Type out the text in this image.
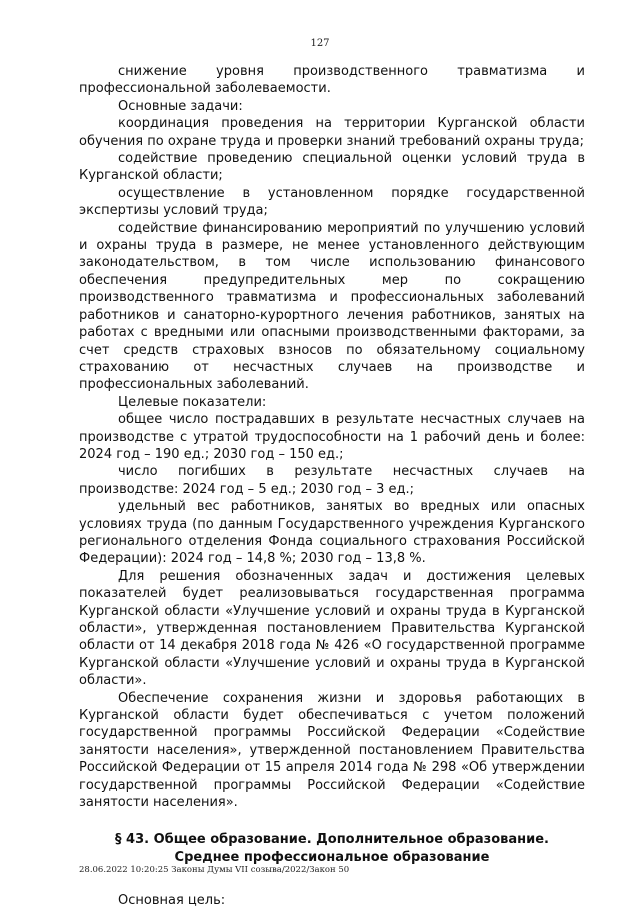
127

снижение уровня производственного травматизма и профессиональной заболеваемости.

Основные задачи:

координация проведения на территории Курганской области обучения по охране труда и проверки знаний требований охраны труда;

содействие проведению специальной оценки условий труда в Курганской области;

осуществление в установленном порядке государственной экспертизы условий труда;

содействие финансированию мероприятий по улучшению условий и охраны труда в размере, не менее установленного действующим законодательством, в том числе использованию финансового обеспечения предупредительных мер по сокращению производственного травматизма и профессиональных заболеваний работников и санаторно-курортного лечения работников, занятых на работах с вредными или опасными производственными факторами, за счет средств страховых взносов по обязательному социальному страхованию от несчастных случаев на производстве и профессиональных заболеваний.

Целевые показатели:

общее число пострадавших в результате несчастных случаев на производстве с утратой трудоспособности на 1 рабочий день и более: 2024 год – 190 ед.; 2030 год – 150 ед.;

число погибших в результате несчастных случаев на производстве: 2024 год – 5 ед.; 2030 год – 3 ед.;

удельный вес работников, занятых во вредных или опасных условиях труда (по данным Государственного учреждения Курганского регионального отделения Фонда социального страхования Российской Федерации): 2024 год – 14,8 %; 2030 год – 13,8 %.

Для решения обозначенных задач и достижения целевых показателей будет реализовываться государственная программа Курганской области «Улучшение условий и охраны труда в Курганской области», утвержденная постановлением Правительства Курганской области от 14 декабря 2018 года № 426 «О государственной программе Курганской области «Улучшение условий и охраны труда в Курганской области».

Обеспечение сохранения жизни и здоровья работающих в Курганской области будет обеспечиваться с учетом положений государственной программы Российской Федерации «Содействие занятости населения», утвержденной постановлением Правительства Российской Федерации от 15 апреля 2014 года № 298 «Об утверждении государственной программы Российской Федерации «Содействие занятости населения».

§ 43. Общее образование. Дополнительное образование.
Среднее профессиональное образование

Основная цель:

28.06.2022 10:20:25 Законы Думы VII созыва/2022/Закон 50
